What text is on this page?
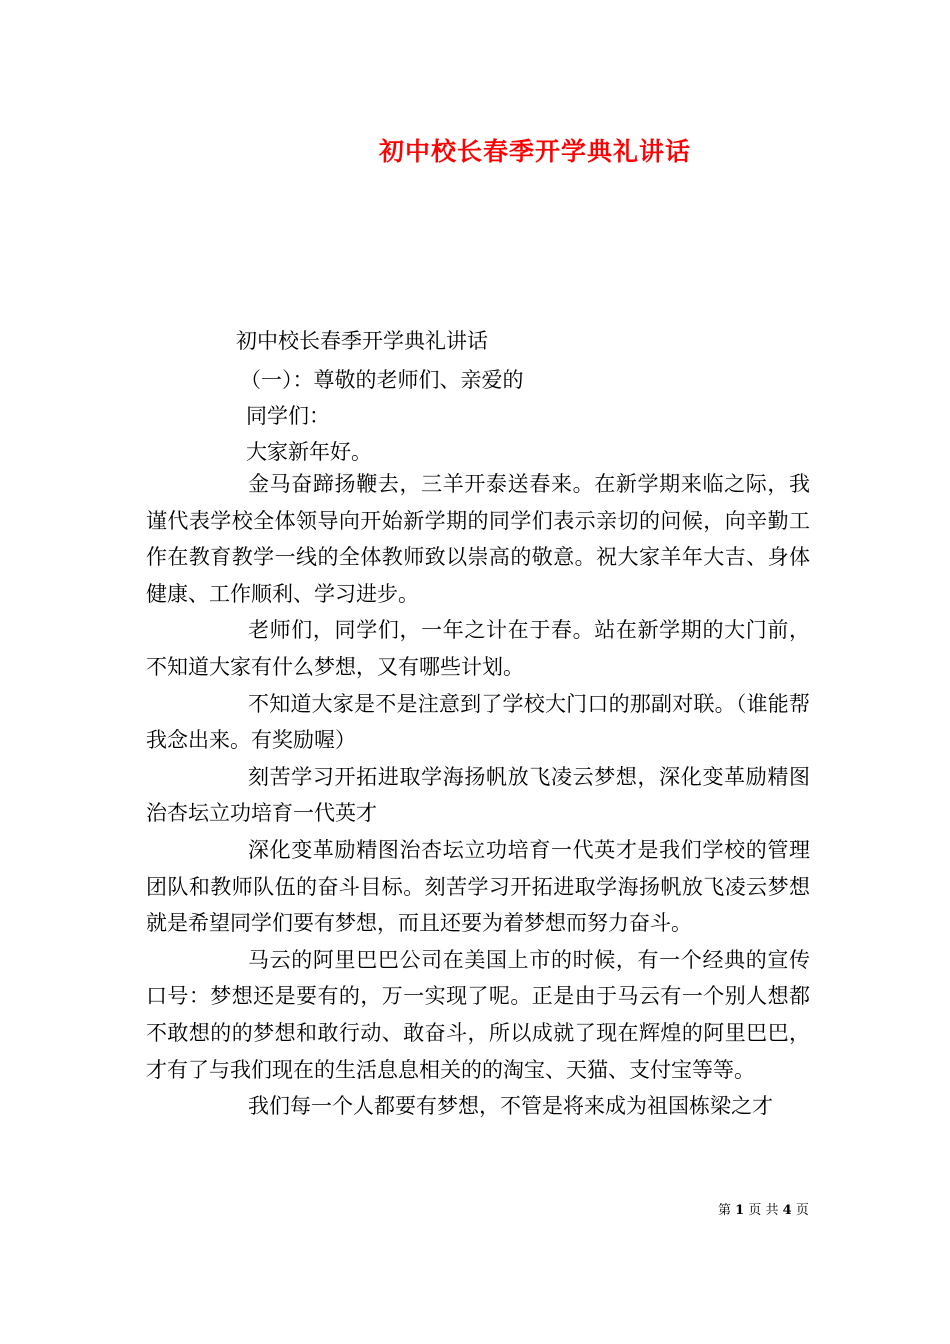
初中校长春季开学典礼讲话
初中校长春季开学典礼讲话
（一）：尊敬的老师们、亲爱的
同学们：
大家新年好。

金马奋蹄扬鞭去，三羊开泰送春来。在新学期来临之际，我谨代表学校全体领导向开始新学期的同学们表示亲切的问候，向辛勤工作在教育教学一线的全体教师致以崇高的敬意。祝大家羊年大吉、身体健康、工作顺利、学习进步。

老师们，同学们，一年之计在于春。站在新学期的大门前，不知道大家有什么梦想，又有哪些计划。

不知道大家是不是注意到了学校大门口的那副对联。（谁能帮我念出来。有奖励喔）

刻苦学习开拓进取学海扬帆放飞凌云梦想，深化变革励精图治杏坛立功培育一代英才

深化变革励精图治杏坛立功培育一代英才是我们学校的管理团队和教师队伍的奋斗目标。刻苦学习开拓进取学海扬帆放飞凌云梦想就是希望同学们要有梦想，而且还要为着梦想而努力奋斗。

马云的阿里巴巴公司在美国上市的时候，有一个经典的宣传口号：梦想还是要有的，万一实现了呢。正是由于马云有一个别人想都不敢想的的梦想和敢行动、敢奋斗，所以成就了现在辉煌的阿里巴巴，才有了与我们现在的生活息息相关的的淘宝、天猫、支付宝等等。

我们每一个人都要有梦想，不管是将来成为祖国栋梁之才

第 1 页 共 4 页
